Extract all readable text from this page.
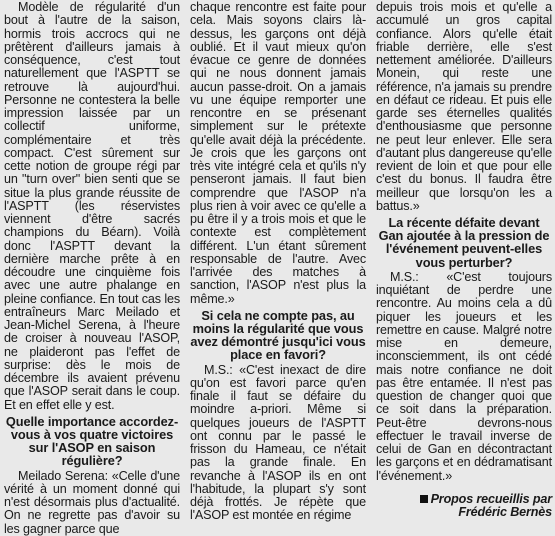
Modèle de régularité d'un bout à l'autre de la saison, hormis trois accrocs qui ne prêtèrent d'ailleurs jamais à conséquence, c'est tout naturellement que l'ASPTT se retrouve là aujourd'hui. Personne ne contestera la belle impression laissée par un collectif uniforme, complémentaire et très compact. C'est sûrement sur cette notion de groupe régi par un "turn over" bien senti que se situe la plus grande réussite de l'ASPTT (les réservistes viennent d'être sacrés champions du Béarn). Voilà donc l'ASPTT devant la dernière marche prête à en découdre une cinquième fois avec une autre phalange en pleine confiance. En tout cas les entraîneurs Marc Meilado et Jean-Michel Serena, à l'heure de croiser à nouveau l'ASOP, ne plaideront pas l'effet de surprise: dès le mois de décembre ils avaient prévenu que l'ASOP serait dans le coup. Et en effet elle y est.

Quelle importance accordez-vous à vos quatre victoires sur l'ASOP en saison régulière?

Meilado Serena: «Celle d'une vérité à un moment donné qui n'est désormais plus d'actualité. On ne regrette pas d'avoir su les gagner parce que

chaque rencontre est faite pour cela. Mais soyons clairs là-dessus, les garçons ont déjà oublié. Et il vaut mieux qu'on évacue ce genre de données qui ne nous donnent jamais aucun passe-droit. On a jamais vu une équipe remporter une rencontre en se présenant simplement sur le prétexte qu'elle avait déjà la précédente. Je crois que les garçons ont très vite intégré cela et qu'ils n'y penseront jamais. Il faut bien comprendre que l'ASOP n'a plus rien à voir avec ce qu'elle a pu être il y a trois mois et que le contexte est complètement différent. L'un étant sûrement responsable de l'autre. Avec l'arrivée des matches à sanction, l'ASOP n'est plus la même.»

Si cela ne compte pas, au moins la régularité que vous avez démontré jusqu'ici vous place en favori?

M.S.: «C'est inexact de dire qu'on est favori parce qu'en finale il faut se défaire du moindre a-priori. Même si quelques joueurs de l'ASPTT ont connu par le passé le frisson du Hameau, ce n'était pas la grande finale. En revanche à l'ASOP ils en ont l'habitude, la plupart s'y sont déjà frottés. Je répète que l'ASOP est montée en régime

depuis trois mois et qu'elle a accumulé un gros capital confiance. Alors qu'elle était friable derrière, elle s'est nettement améliorée. D'ailleurs Monein, qui reste une référence, n'a jamais su prendre en défaut ce rideau. Et puis elle garde ses éternelles qualités d'enthousiasme que personne ne peut leur enlever. Elle sera d'autant plus dangereuse qu'elle revient de loin et que pour elle c'est du bonus. Il faudra être meilleur que lorsqu'on les a battus.»

La récente défaite devant Gan ajoutée à la pression de l'événement peuvent-elles vous perturber?

M.S.: «C'est toujours inquiétant de perdre une rencontre. Au moins cela a dû piquer les joueurs et les remettre en cause. Malgré notre mise en demeure, inconsciemment, ils ont cédé mais notre confiance ne doit pas être entamée. Il n'est pas question de changer quoi que ce soit dans la préparation. Peut-être devrons-nous effectuer le travail inverse de celui de Gan en décontractant les garçons et en dédramatisant l'événement.»

Propos recueillis par
Frédéric Bernès
